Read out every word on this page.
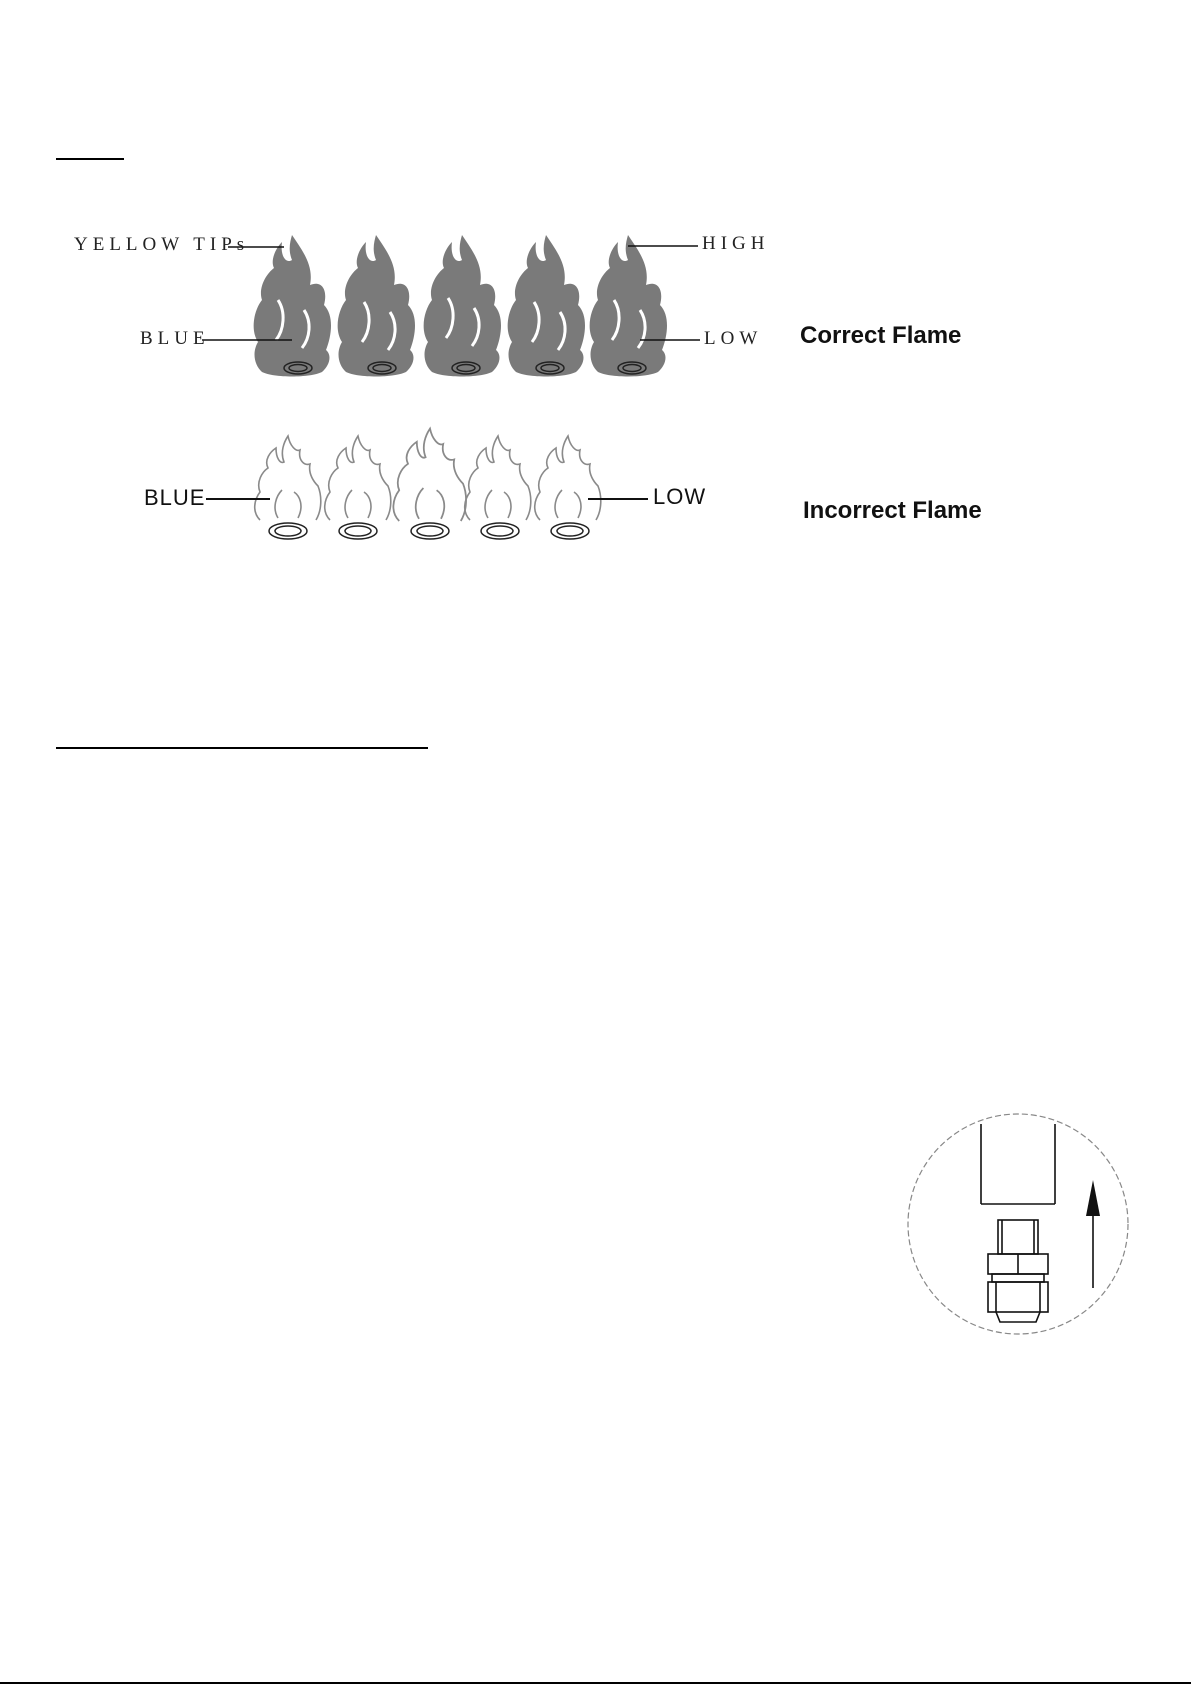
YELLOW TIPs	HIGH
BLUE	LOW Correct Flame
BLUE	LOW
Incorrect Flame
